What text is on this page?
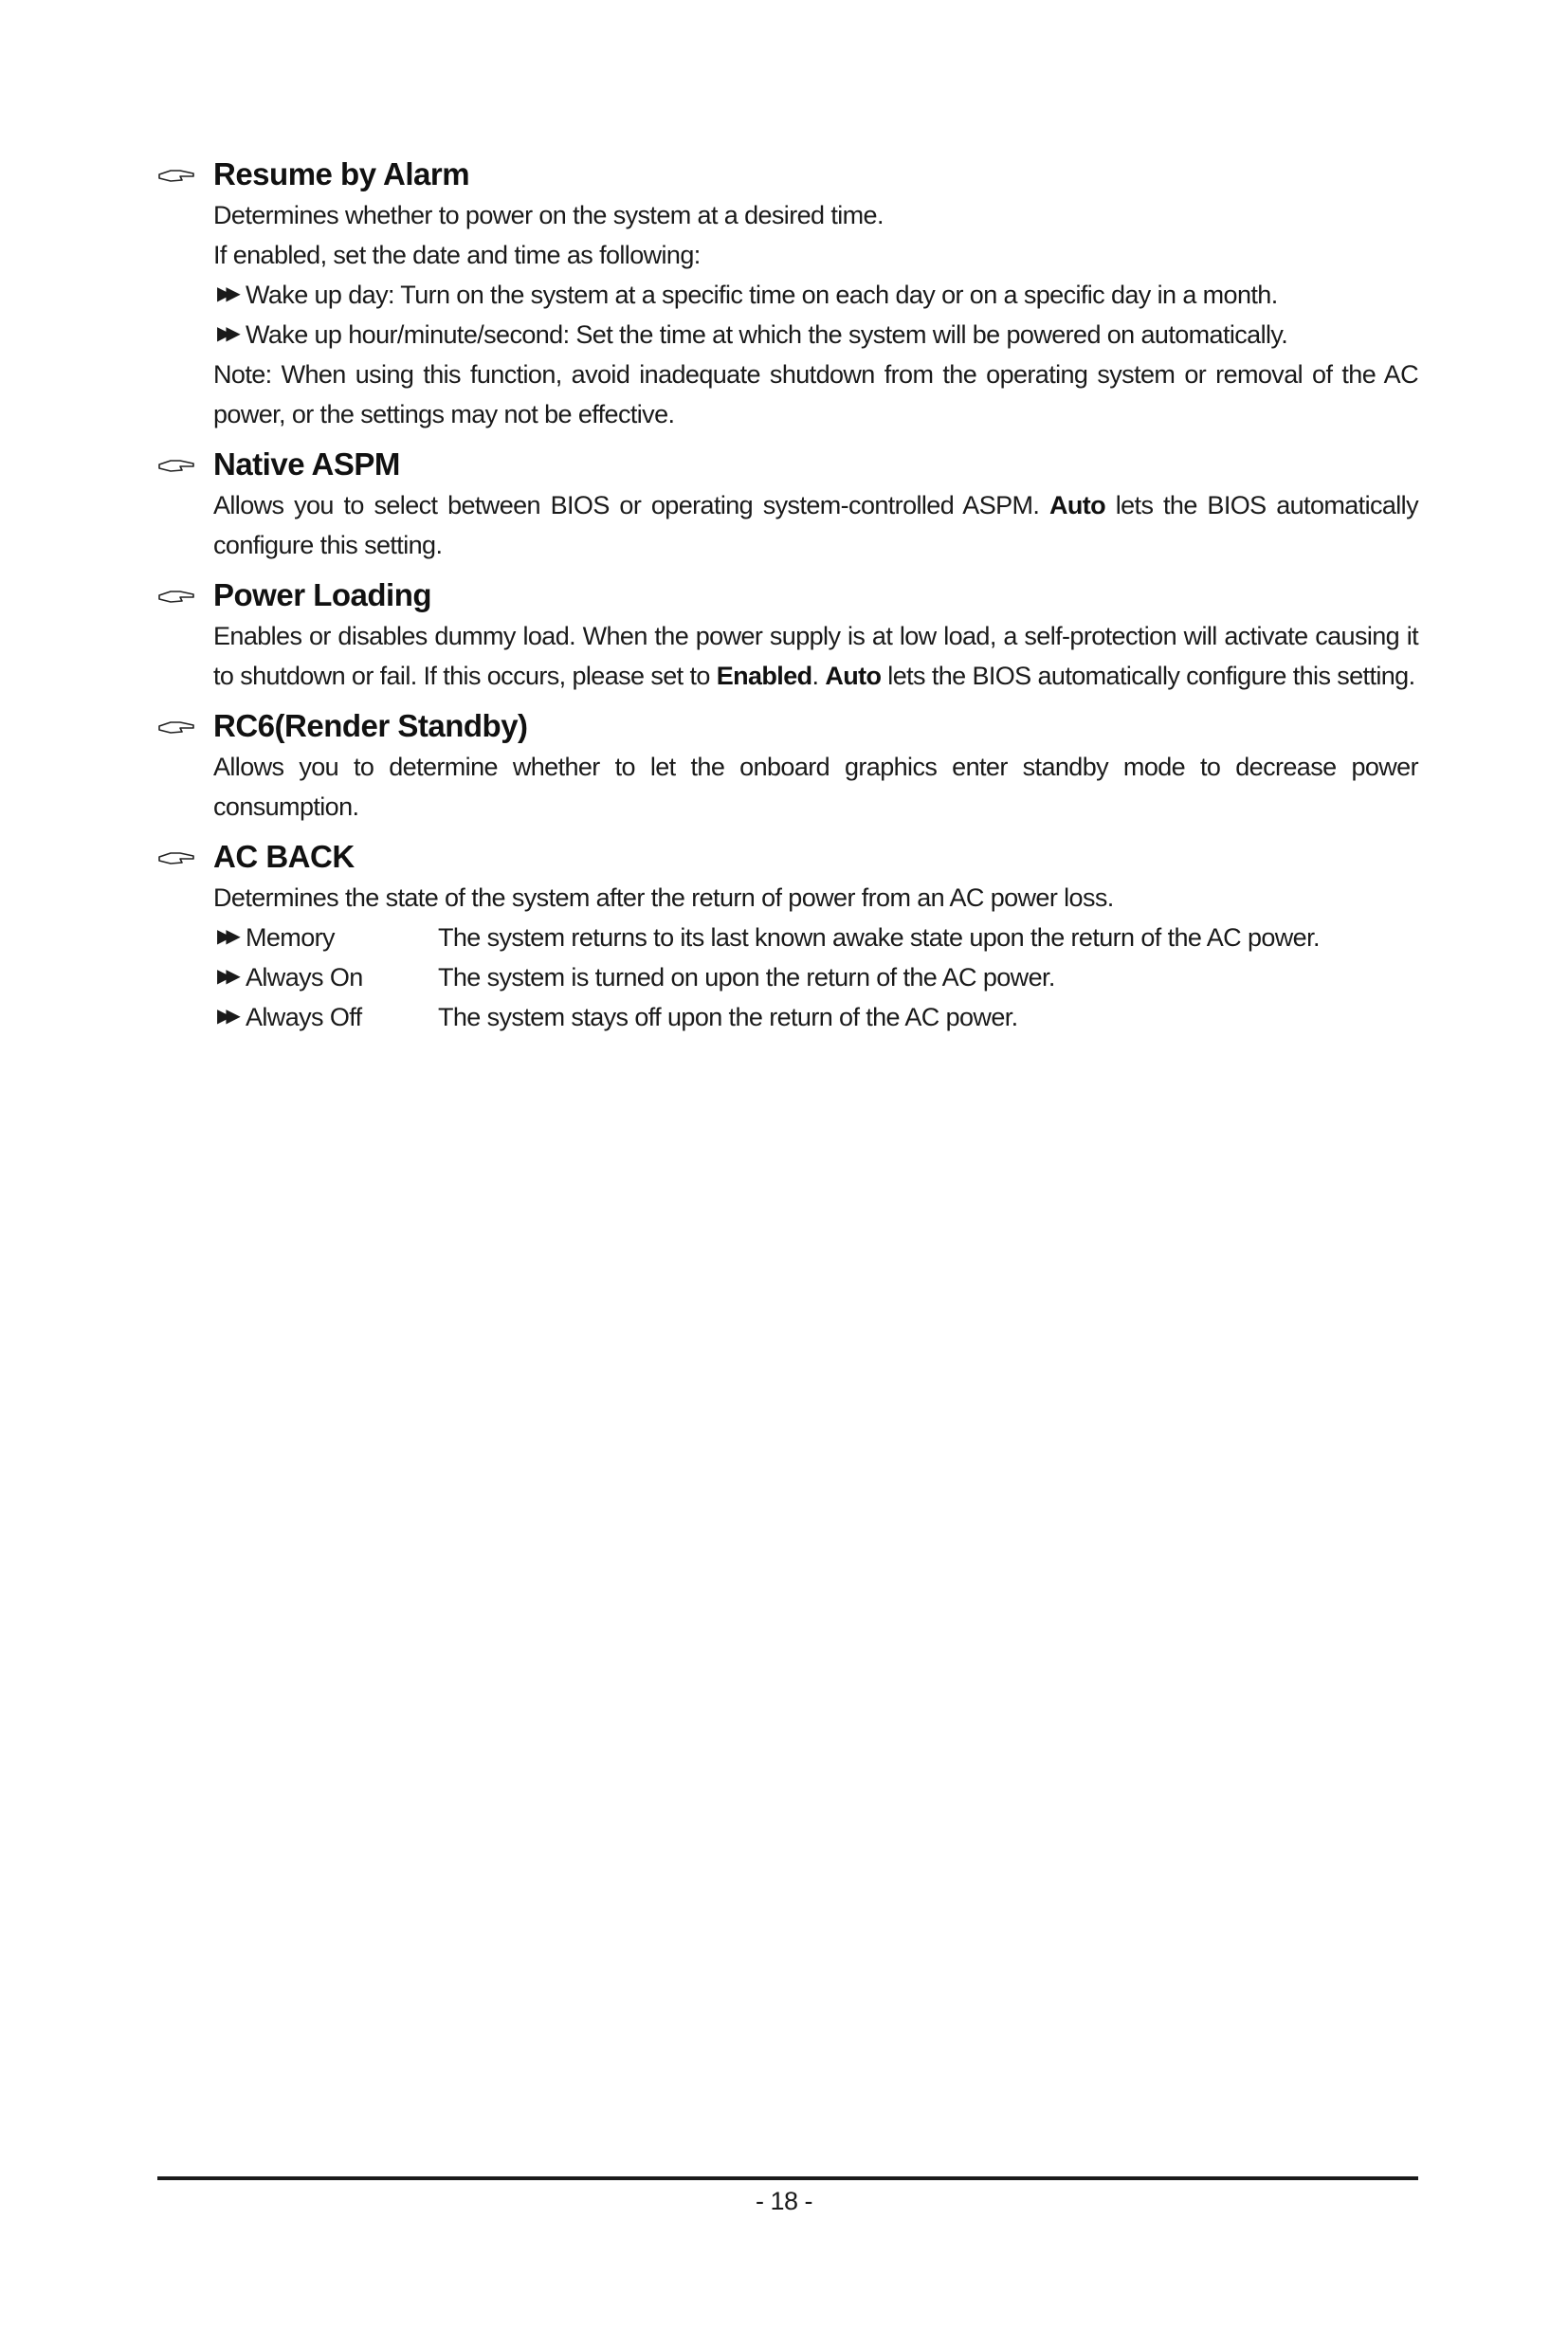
Resume by Alarm

Determines whether to power on the system at a desired time.

If enabled, set the date and time as following:

▶▶ Wake up day: Turn on the system at a specific time on each day or on a specific day in a month.
▶▶ Wake up hour/minute/second: Set the time at which the system will be powered on automatically.

Note: When using this function, avoid inadequate shutdown from the operating system or removal of the AC power, or the settings may not be effective.

Native ASPM

Allows you to select between BIOS or operating system-controlled ASPM. Auto lets the BIOS automatically configure this setting.

Power Loading

Enables or disables dummy load. When the power supply is at low load, a self-protection will activate causing it to shutdown or fail. If this occurs, please set to Enabled. Auto lets the BIOS automatically configure this setting.

RC6(Render Standby)

Allows you to determine whether to let the onboard graphics enter standby mode to decrease power consumption.

AC BACK

Determines the state of the system after the return of power from an AC power loss.

▶▶ Memory	The system returns to its last known awake state upon the return of the AC power.
▶▶ Always On	The system is turned on upon the return of the AC power.
▶▶ Always Off	The system stays off upon the return of the AC power.
- 18 -
